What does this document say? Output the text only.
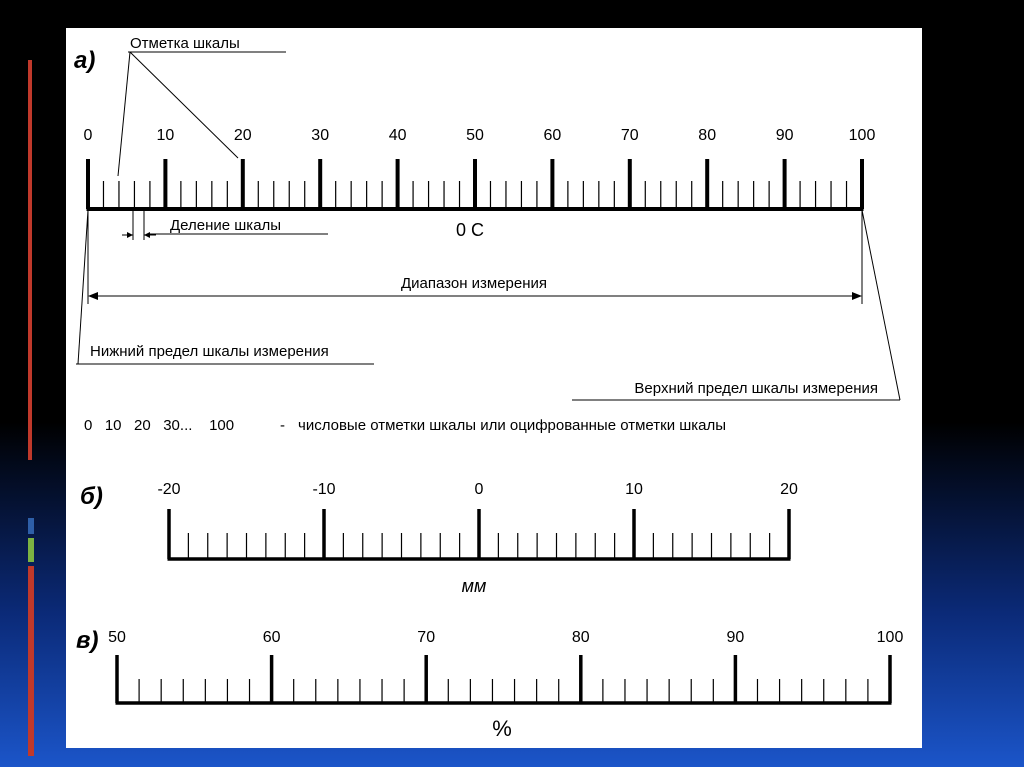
а)
Отметка шкалы
0	10	20	30	40	50	60	70	80	90	100
Деление шкалы	0 С
Диапазон измерения
Нижний предел шкалы измерения
Верхний предел шкалы измерения
0   10   20   30...    100	- числовые отметки шкалы или оцифрованные отметки шкалы
б)	-20	-10	0	10	20
мм
в) 50	60	70	80	90	100
%
